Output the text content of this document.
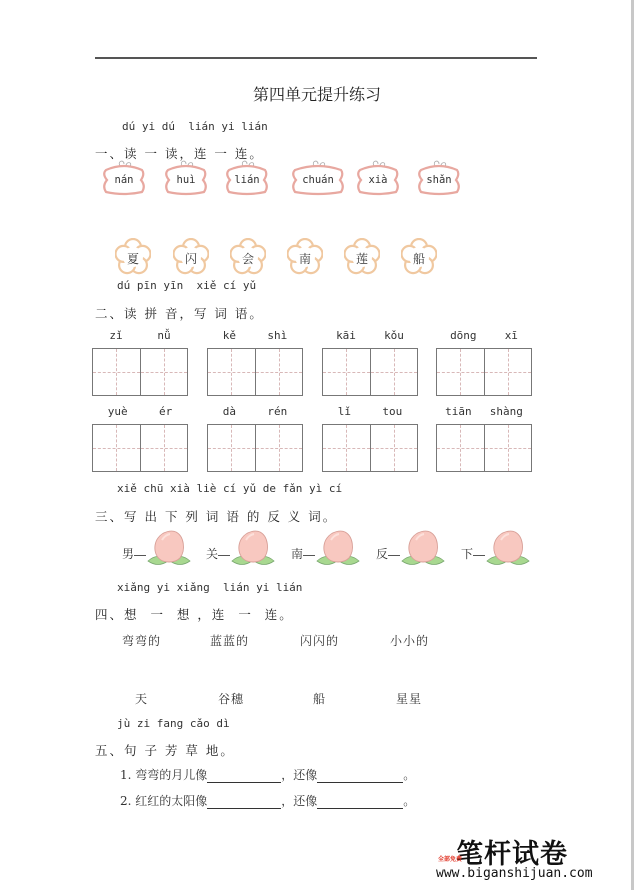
第四单元提升练习
dú yi dú  lián yi lián
一、读 一 读，连 一 连。
nán	huì	lián	chuán	xià	shǎn
夏	闪	会	南	莲	船
dú pīn yīn  xiě cí yǔ
二、读 拼 音，写 词 语。
zǐ	nǚ	kě	shì	kāi	kǒu	dōng	xī
yuè	ér	dà	rén	lǐ	tou	tiān shàng
xiě chū xià liè cí yǔ de fǎn yì cí
三、写 出 下 列 词 语 的 反 义 词。
男	关	南	反	下
xiǎng yi xiǎng  lián yi lián
四、想  一  想 ，连  一  连。
弯弯的	蓝蓝的	闪闪的	小小的
天	谷穗	船	星星
jù zi fang cǎo dì
五、句 子 芳 草 地。
1. 弯弯的月儿像	，还像	。
2. 红红的太阳像	，还像	。
笔杆试卷
全部免费
www.biganshijuan.com
